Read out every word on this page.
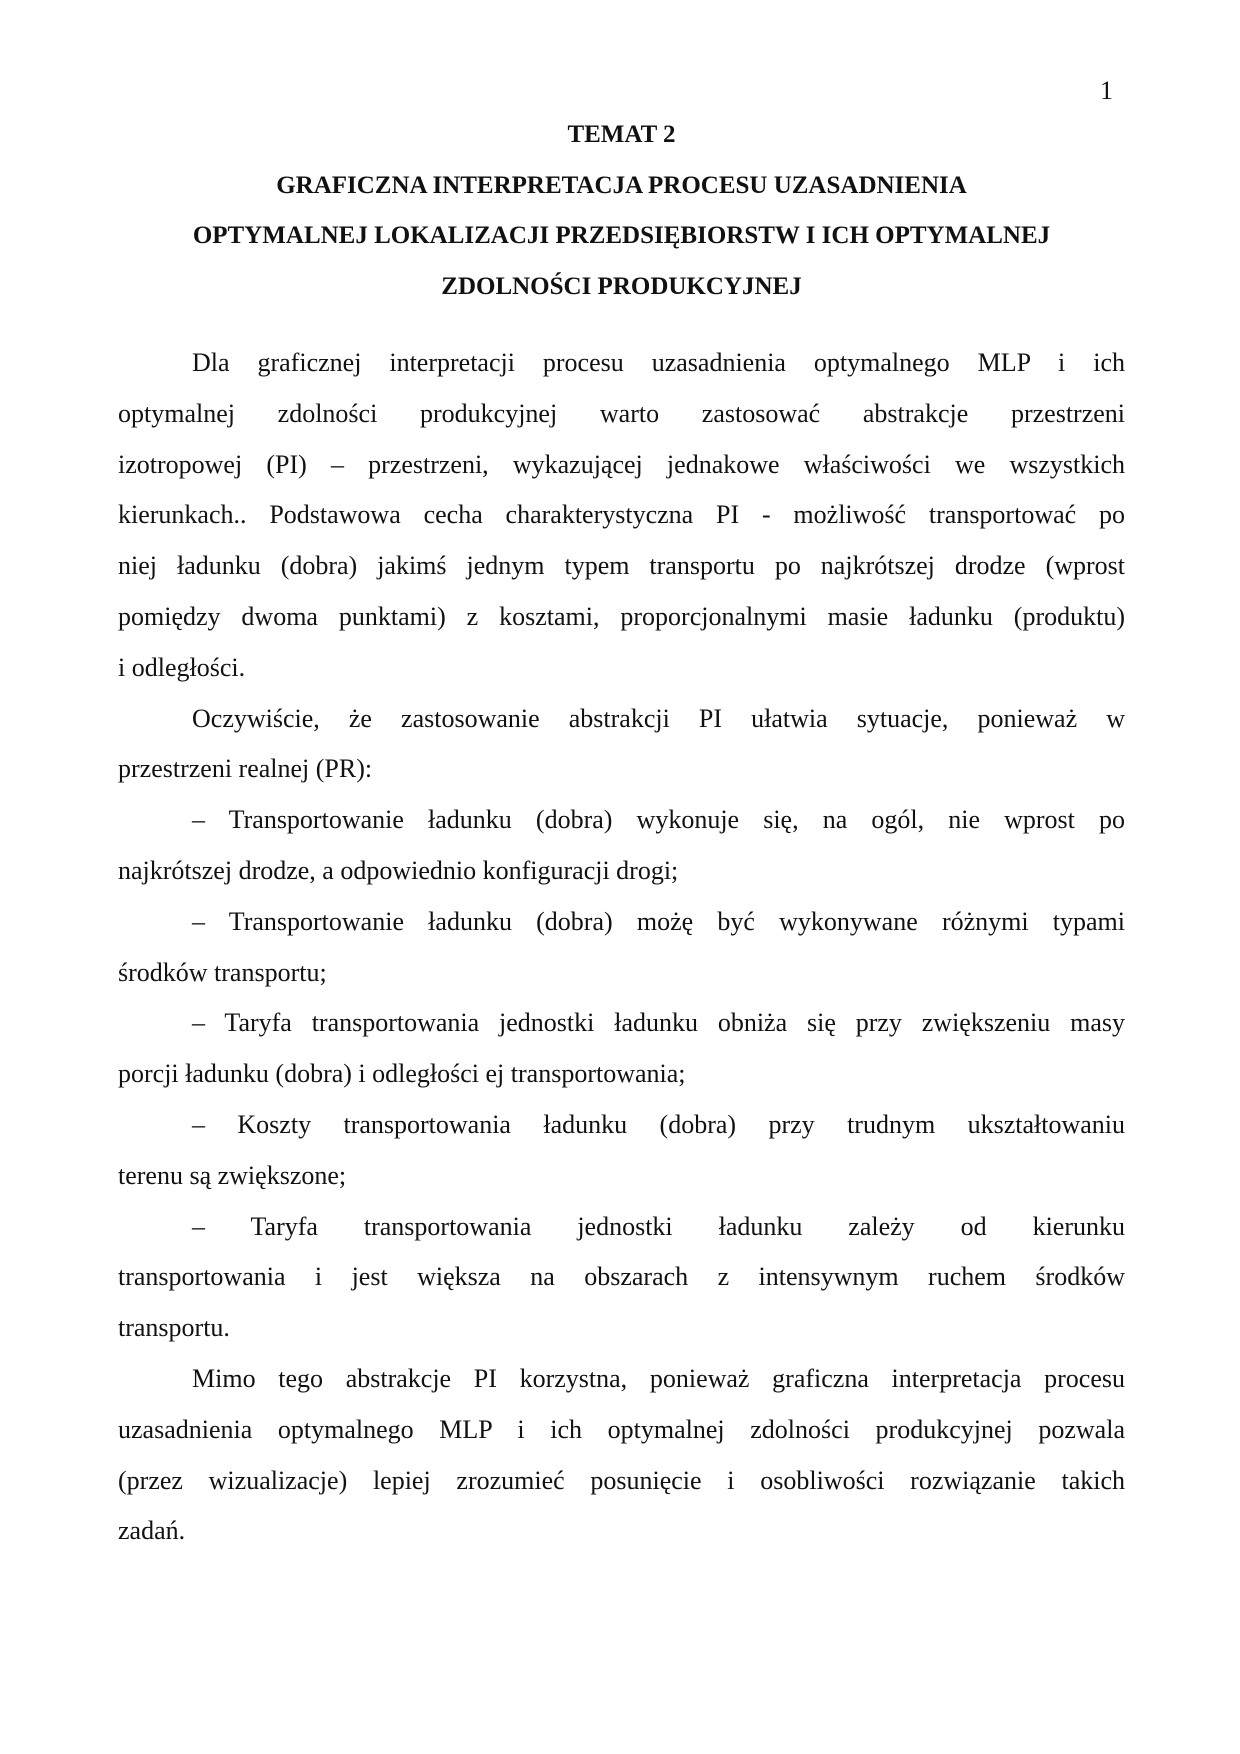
1
TEMAT 2
GRAFICZNA INTERPRETACJA PROCESU UZASADNIENIA
OPTYMALNEJ LOKALIZACJI PRZEDSIĘBIORSTW I ICH OPTYMALNEJ
ZDOLNOŚCI PRODUKCYJNEJ
Dla graficznej interpretacji procesu uzasadnienia optymalnego MLP i ich
optymalnej zdolności produkcyjnej warto zastosować abstrakcje przestrzeni
izotropowej (PI) – przestrzeni, wykazującej jednakowe właściwości we wszystkich
kierunkach.. Podstawowa cecha charakterystyczna PI - możliwość transportować po
niej ładunku (dobra) jakimś jednym typem transportu po najkrótszej drodze (wprost
pomiędzy dwoma punktami) z kosztami, proporcjonalnymi masie ładunku (produktu)
i odległości.
Oczywiście, że zastosowanie abstrakcji PI ułatwia sytuacje, ponieważ w
przestrzeni realnej (PR):
– Transportowanie ładunku (dobra) wykonuje się, na ogól, nie wprost po
najkrótszej drodze, a odpowiednio konfiguracji drogi;
– Transportowanie ładunku (dobra) możę być wykonywane różnymi typami
środków transportu;
– Taryfa transportowania jednostki ładunku obniża się przy zwiększeniu masy
porcji ładunku (dobra) i odległości ej transportowania;
– Koszty transportowania ładunku (dobra) przy trudnym ukształtowaniu
terenu są zwiększone;
– Taryfa transportowania jednostki ładunku zależy od kierunku
transportowania i jest większa na obszarach z intensywnym ruchem środków
transportu.
Mimo tego abstrakcje PI korzystna, ponieważ graficzna interpretacja procesu
uzasadnienia optymalnego MLP i ich optymalnej zdolności produkcyjnej pozwala
(przez wizualizacje) lepiej zrozumieć posunięcie i osobliwości rozwiązanie takich
zadań.
